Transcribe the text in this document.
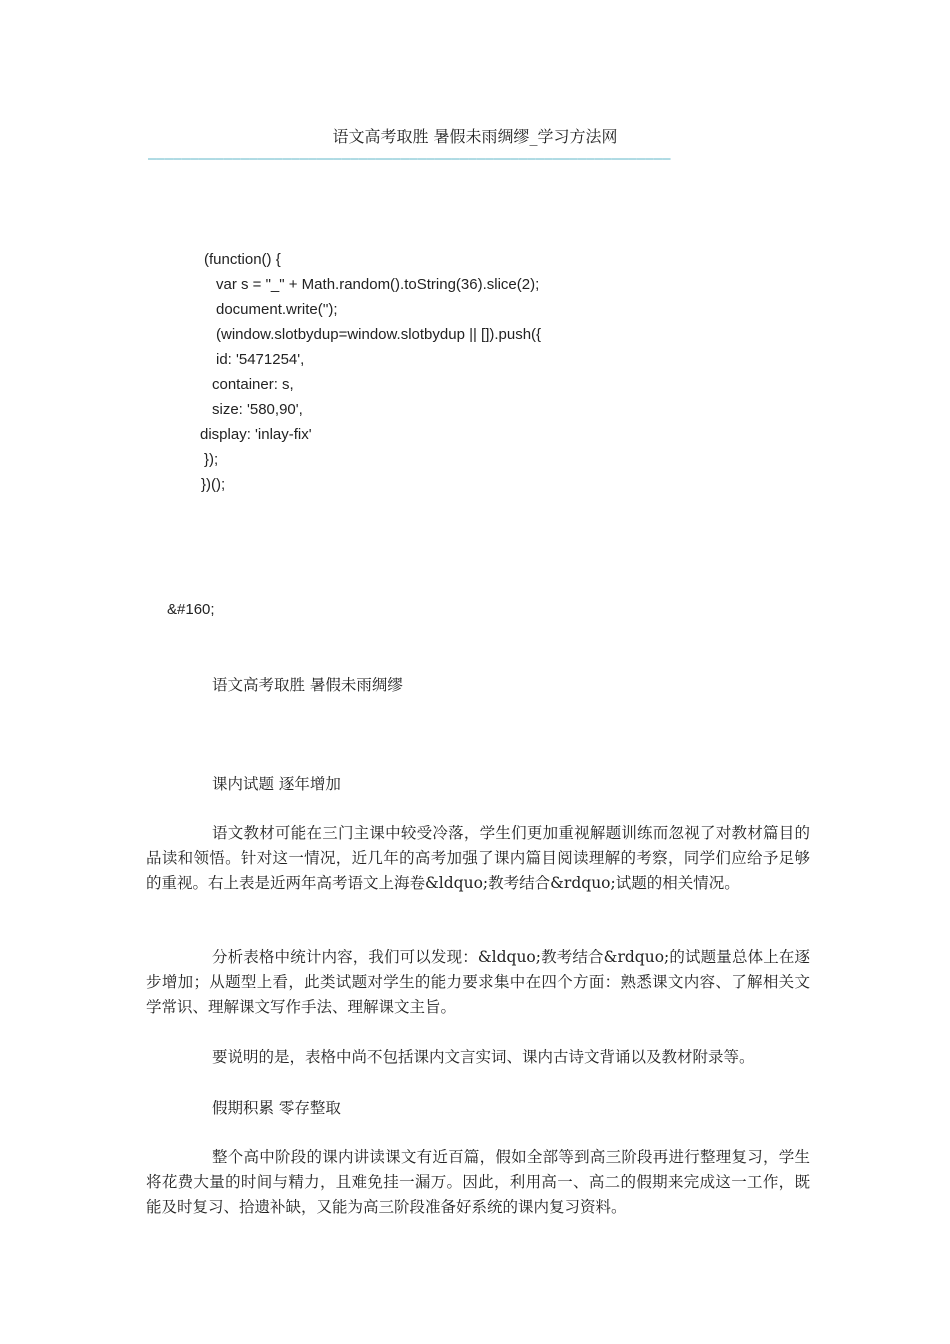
语文高考取胜 暑假未雨绸缪_学习方法网
——————————————————————————————————————————————————————————————
(function() {
var s = "_" + Math.random().toString(36).slice(2);
document.write('');
(window.slotbydup=window.slotbydup || []).push({
id: '5471254',
container: s,
size: '580,90',
display: 'inlay-fix'
});
})();
&#160;
语文高考取胜 暑假未雨绸缪
课内试题 逐年增加
语文教材可能在三门主课中较受冷落，学生们更加重视解题训练而忽视了对教材篇目的品读和领悟。针对这一情况，近几年的高考加强了课内篇目阅读理解的考察，同学们应给予足够的重视。右上表是近两年高考语文上海卷&ldquo;教考结合&rdquo;试题的相关情况。
分析表格中统计内容，我们可以发现：&ldquo;教考结合&rdquo;的试题量总体上在逐步增加；从题型上看，此类试题对学生的能力要求集中在四个方面：熟悉课文内容、了解相关文学常识、理解课文写作手法、理解课文主旨。
要说明的是，表格中尚不包括课内文言实词、课内古诗文背诵以及教材附录等。
假期积累 零存整取
整个高中阶段的课内讲读课文有近百篇，假如全部等到高三阶段再进行整理复习，学生将花费大量的时间与精力，且难免挂一漏万。因此，利用高一、高二的假期来完成这一工作，既能及时复习、拾遗补缺，又能为高三阶段准备好系统的课内复习资料。
